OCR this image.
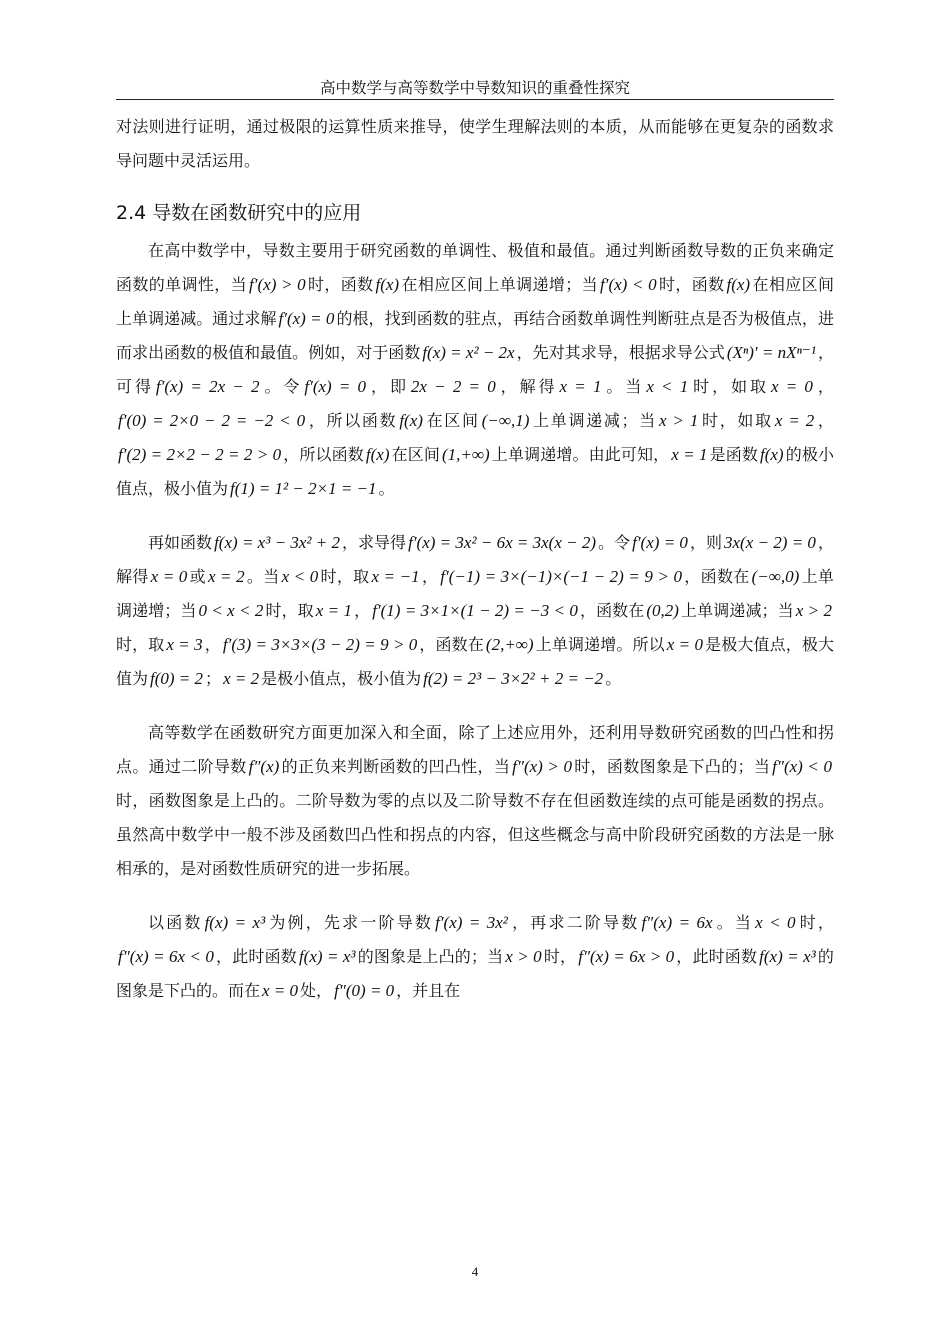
高中数学与高等数学中导数知识的重叠性探究

对法则进行证明，通过极限的运算性质来推导，使学生理解法则的本质，从而能够在更复杂的函数求导问题中灵活运用。

2.4 导数在函数研究中的应用

在高中数学中，导数主要用于研究函数的单调性、极值和最值。通过判断函数导数的正负来确定函数的单调性，当 f′(x) > 0 时，函数 f(x) 在相应区间上单调递增；当 f′(x) < 0 时，函数 f(x) 在相应区间上单调递减。通过求解 f′(x) = 0 的根，找到函数的驻点，再结合函数单调性判断驻点是否为极值点，进而求出函数的极值和最值。例如，对于函数 f(x) = x² − 2x ，先对其求导，根据求导公式 (Xⁿ)′ = nXⁿ⁻¹ ，可得 f′(x) = 2x − 2 。令 f′(x) = 0 ，即 2x − 2 = 0 ，解得 x = 1 。当 x < 1 时，如取 x = 0 ，f′(0) = 2×0 − 2 = −2 < 0 ，所以函数 f(x) 在区间 (−∞,1) 上单调递减；当 x > 1 时，如取 x = 2 ，f′(2) = 2×2 − 2 = 2 > 0 ，所以函数 f(x) 在区间 (1,+∞) 上单调递增。由此可知， x = 1 是函数 f(x) 的极小值点，极小值为 f(1) = 1² − 2×1 = −1 。

再如函数 f(x) = x³ − 3x² + 2 ，求导得 f′(x) = 3x² − 6x = 3x(x − 2) 。令 f′(x) = 0 ，则 3x(x − 2) = 0 ，解得 x = 0 或 x = 2 。当 x < 0 时，取 x = −1 ， f′(−1) = 3×(−1)×(−1 − 2) = 9 > 0 ，函数在 (−∞,0) 上单调递增；当 0 < x < 2 时，取 x = 1 ， f′(1) = 3×1×(1 − 2) = −3 < 0 ，函数在 (0,2) 上单调递减；当 x > 2时，取 x = 3 ， f′(3) = 3×3×(3 − 2) = 9 > 0 ，函数在 (2,+∞) 上单调递增。所以 x = 0 是极大值点，极大值为 f(0) = 2 ； x = 2 是极小值点，极小值为 f(2) = 2³ − 3×2² + 2 = −2 。

高等数学在函数研究方面更加深入和全面，除了上述应用外，还利用导数研究函数的凹凸性和拐点。通过二阶导数 f″(x) 的正负来判断函数的凹凸性，当 f″(x) > 0 时，函数图象是下凸的；当 f″(x) < 0时，函数图象是上凸的。二阶导数为零的点以及二阶导数不存在但函数连续的点可能是函数的拐点。虽然高中数学中一般不涉及函数凹凸性和拐点的内容，但这些概念与高中阶段研究函数的方法是一脉相承的，是对函数性质研究的进一步拓展。

以函数 f(x) = x³ 为例，先求一阶导数 f′(x) = 3x² ，再求二阶导数 f″(x) = 6x 。当 x < 0 时，f″(x) = 6x < 0 ，此时函数 f(x) = x³ 的图象是上凸的；当 x > 0 时， f″(x) = 6x > 0 ，此时函数 f(x) = x³ 的图象是下凸的。而在 x = 0 处， f″(0) = 0 ，并且在

4
